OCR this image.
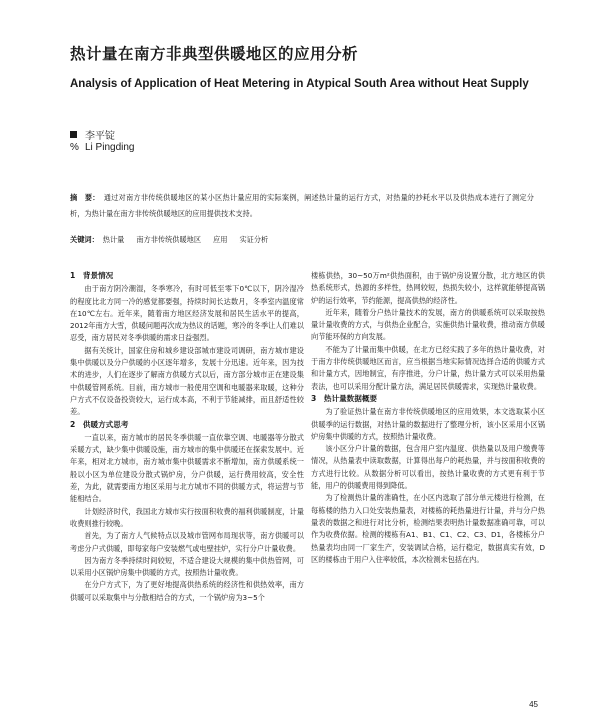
热计量在南方非典型供暖地区的应用分析
Analysis of Application of Heat Metering in Atypical South Area without Heat Supply
李平锭
% Li Pingding

摘　要： 通过对南方非传统供暖地区的某小区热计量应用的实际案例，阐述热计量的运行方式，对热量的抄耗水平以及供热成本进行了测定分析，为热计量在南方非传统供暖地区的应用提供技术支持。

关键词： 热计量 南方非传统供暖地区 应用 实证分析

1　背景情况

由于南方阴冷潮湿，冬季寒冷，有时可低至零下0℃以下，阴冷湿冷的程度比北方同一冷的感觉都要强，持续时间长达数月，冬季室内温度常在10℃左右。近年来，随着南方地区经济发展和居民生活水平的提高，2012年南方大雪，供暖问题再次成为热议的话题，寒冷的冬季让人们难以忍受，南方居民对冬季供暖的需求日益强烈。

据有关统计，国家住房和城乡建设部城市建设司调研，南方城市建设集中供暖以及分户供暖的小区逐年增多，发展十分迅速。近年来，因为技术的进步，人们在逐步了解南方供暖方式以后，南方部分城市正在建设集中供暖管网系统。目前，南方城市一般使用空调和电暖器来取暖，这种分户方式不仅设备投资较大，运行成本高，不利于节能减排，而且舒适性较差。

2　供暖方式思考

一直以来，南方城市的居民冬季供暖一直依靠空调、电暖器等分散式采暖方式，缺少集中供暖设施，南方城市的集中供暖还在探索发展中。近年来，相对北方城市，南方城市集中供暖需求不断增加，南方供暖系统一般以小区为单位建设分散式锅炉房，分户供暖，运行费用较高，安全性差，为此，就需要南方地区采用与北方城市不同的供暖方式，将运营与节能相结合。

计划经济时代，我国北方城市实行按面积收费的福利供暖制度，计量收费则推行较晚。

首先，为了南方人气候特点以及城市管网布局现状等，南方供暖可以考虑分户式供暖，即每家每户安装燃气或电壁挂炉，实行分户计量收费。

因为南方冬季持续时间较短，不适合建设大规模的集中供热管网，可以采用小区锅炉房集中供暖的方式，按照热计量收费。

在分户方式下，为了更好地提高供热系统的经济性和供热效率，南方供暖可以采取集中与分散相结合的方式，一个锅炉房为3~5个

楼栋供热，30~50万m²供热面积，由于锅炉房设置分散，北方地区的供热系统形式，热源的多样性，热网较短，热损失较小，这样就能够提高锅炉的运行效率，节约能源，提高供热的经济性。

近年来，随着分户热计量技术的发展，南方的供暖系统可以采取按热量计量收费的方式，与供热企业配合，实施供热计量收费，推动南方供暖向节能环保的方向发展。

不能为了计量而集中供暖，在北方已经实践了多年的热计量收费，对于南方非传统供暖地区而言，应当根据当地实际情况选择合适的供暖方式和计量方式，因地制宜，有序推进，分户计量，热计量方式可以采用热量表法，也可以采用分配计量方法，满足居民供暖需求，实现热计量收费。

3　热计量数据概要

为了验证热计量在南方非传统供暖地区的应用效果，本文选取某小区供暖季的运行数据，对热计量的数据进行了整理分析，该小区采用小区锅炉房集中供暖的方式，按照热计量收费。

该小区分户计量的数据，包含用户室内温度、供热量以及用户缴费等情况，从热量表中读取数据，计算得出每户的耗热量，并与按面积收费的方式进行比较。从数据分析可以看出，按热计量收费的方式更有利于节能，用户的供暖费用得到降低。

为了检测热计量的准确性，在小区内选取了部分单元楼进行检测，在每栋楼的热力入口处安装热量表，对楼栋的耗热量进行计量，并与分户热量表的数据之和进行对比分析，检测结果表明热计量数据准确可靠，可以作为收费依据。检测的楼栋有A1、B1、C1、C2、C3、D1，各楼栋分户热量表均由同一厂家生产，安装调试合格，运行稳定，数据真实有效，D区的楼栋由于用户入住率较低，本次检测未包括在内。

45
